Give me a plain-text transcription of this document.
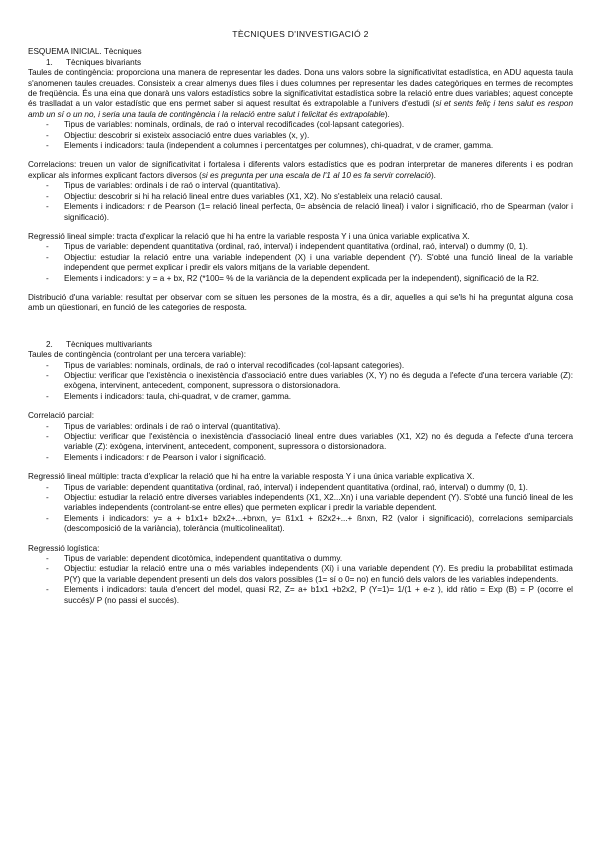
TÈCNIQUES D'INVESTIGACIÓ 2
ESQUEMA INICIAL. Tècniques
1. Tècniques bivariants

Taules de contingència: proporciona una manera de representar les dades. Dona uns valors sobre la significativitat estadística, en ADU aquesta taula s'anomenen taules creuades. Consisteix a crear almenys dues files i dues columnes per representar les dades categòriques en termes de recomptes de freqüència. És una eina que donarà uns valors estadístics sobre la significativitat estadística sobre la relació entre dues variables; aquest concepte és traslladat a un valor estadístic que ens permet saber si aquest resultat és extrapolable a l'univers d'estudi (si et sents feliç i tens salut es respon amb un sí o un no, i seria una taula de contingència i la relació entre salut i felicitat és extrapolable).

- Tipus de variables: nominals, ordinals, de raó o interval recodificades (col·lapsant categories).
- Objectiu: descobrir si existeix associació entre dues variables (x, y).
- Elements i indicadors: taula (independent a columnes i percentatges per columnes), chi-quadrat, v de cramer, gamma.

Correlacions: treuen un valor de significativitat i fortalesa i diferents valors estadístics que es podran interpretar de maneres diferents i es podran explicar als informes explicant factors diversos (si es pregunta per una escala de l'1 al 10 es fa servir correlació).

- Tipus de variables: ordinals i de raó o interval (quantitativa).
- Objectiu: descobrir si hi ha relació lineal entre dues variables (X1, X2). No s'estableix una relació causal.
- Elements i indicadors: r de Pearson (1= relació lineal perfecta, 0= absència de relació lineal) i valor i significació, rho de Spearman (valor i significació).

Regressió lineal simple: tracta d'explicar la relació que hi ha entre la variable resposta Y i una única variable explicativa X.

- Tipus de variable: dependent quantitativa (ordinal, raó, interval) i independent quantitativa (ordinal, raó, interval) o dummy (0, 1).
- Objectiu: estudiar la relació entre una variable independent (X) i una variable dependent (Y). S'obté una funció lineal de la variable independent que permet explicar i predir els valors mitjans de la variable dependent.
- Elements i indicadors: y = a + bx, R2 (*100= % de la variància de la dependent explicada per la independent), significació de la R2.

Distribució d'una variable: resultat per observar com se situen les persones de la mostra, és a dir, aquelles a qui se'ls hi ha preguntat alguna cosa amb un qüestionari, en funció de les categories de resposta.

2. Tècniques multivariants

Taules de contingència (controlant per una tercera variable):

- Tipus de variables: nominals, ordinals, de raó o interval recodificades (col·lapsant categories).
- Objectiu: verificar que l'existència o inexistència d'associació entre dues variables (X, Y) no és deguda a l'efecte d'una tercera variable (Z): exògena, intervinent, antecedent, component, supressora o distorsionadora.
- Elements i indicadors: taula, chi-quadrat, v de cramer, gamma.

Correlació parcial:

- Tipus de variables: ordinals i de raó o interval (quantitativa).
- Objectiu: verificar que l'existència o inexistència d'associació lineal entre dues variables (X1, X2) no és deguda a l'efecte d'una tercera variable (Z): exògena, intervinent, antecedent, component, supressora o distorsionadora.
- Elements i indicadors: r de Pearson i valor i significació.

Regressió lineal múltiple: tracta d'explicar la relació que hi ha entre la variable resposta Y i una única variable explicativa X.

- Tipus de variable: dependent quantitativa (ordinal, raó, interval) i independent quantitativa (ordinal, raó, interval) o dummy (0, 1).
- Objectiu: estudiar la relació entre diverses variables independents (X1, X2...Xn) i una variable dependent (Y). S'obté una funció lineal de les variables independents (controlant-se entre elles) que permeten explicar i predir la variable dependent.
- Elements i indicadors: y= a + b1x1+ b2x2+...+bnxn, y= ß1x1 + ß2x2+...+ ßnxn, R2 (valor i significació), correlacions semiparcials (descomposició de la variància), tolerància (multicolinealitat).

Regressió logística:

- Tipus de variable: dependent dicotòmica, independent quantitativa o dummy.
- Objectiu: estudiar la relació entre una o més variables independents (Xi) i una variable dependent (Y). Es prediu la probabilitat estimada P(Y) que la variable dependent presenti un dels dos valors possibles (1= sí o 0= no) en funció dels valors de les variables independents.
- Elements i indicadors: taula d'encert del model, quasi R2, Z= a+ b1x1 +b2x2, P (Y=1)= 1/(1 + e-z ), idd ràtio = Exp (B) = P (ocorre el succés)/ P (no passi el succés).
